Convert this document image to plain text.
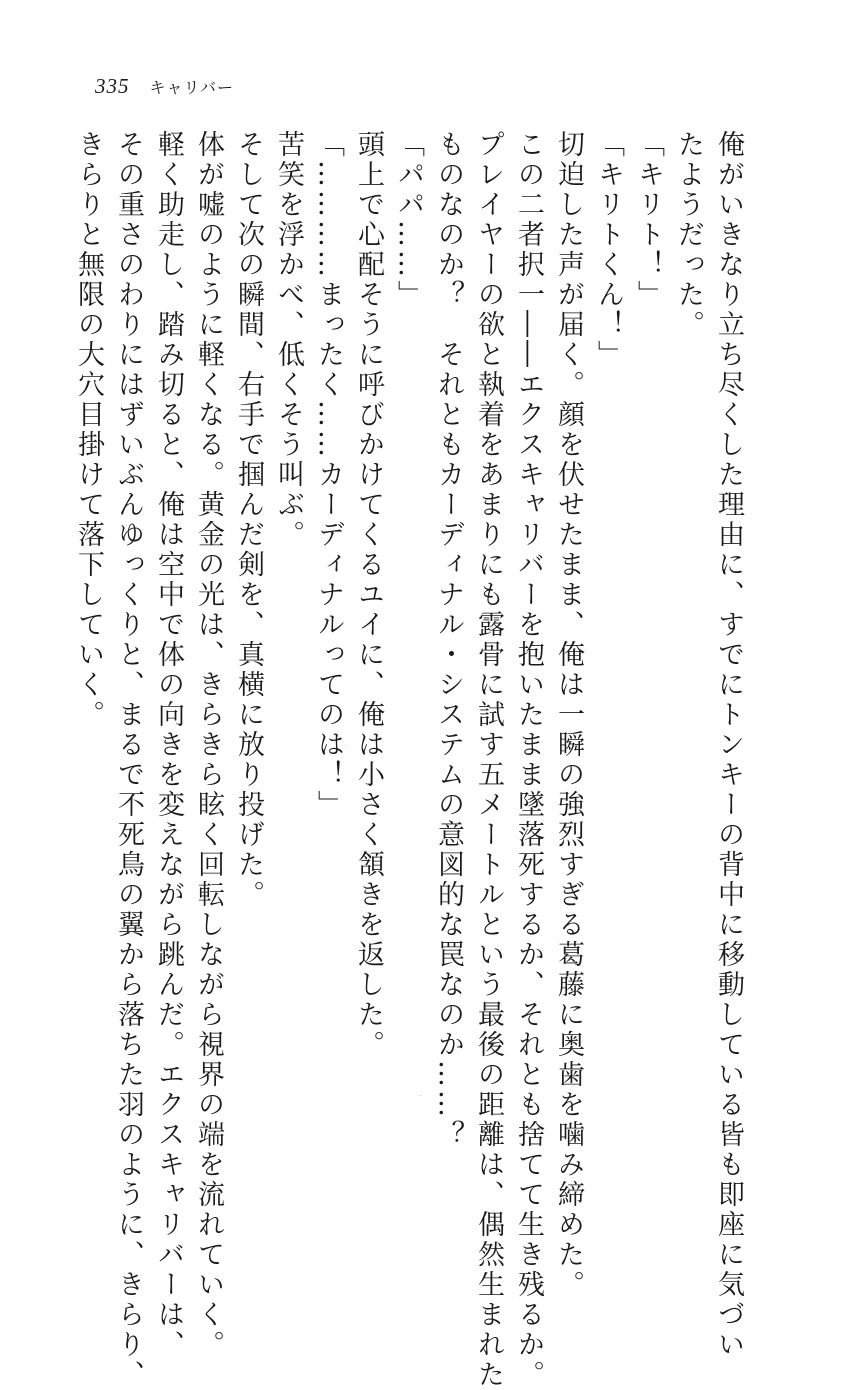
335 キャリバー
俺がいきなり立ち尽くした理由に、すでにトンキーの背中に移動している皆も即座に気づい
たようだった。
「キリト！」
「キリトくん！」
切迫した声が届く。顔を伏せたまま、俺は一瞬の強烈すぎる葛藤に奥歯を噛み締めた。
この二者択一――エクスキャリバーを抱いたまま墜落死するか、それとも捨てて生き残るか。
プレイヤーの欲と執着をあまりにも露骨に試す五メートルという最後の距離は、偶然生まれた
ものなのか？　それともカーディナル・システムの意図的な罠なのか……？
「パパ……」
頭上で心配そうに呼びかけてくるユイに、俺は小さく頷きを返した。
「…………まったく……カーディナルってのは！」
苦笑を浮かべ、低くそう叫ぶ。
そして次の瞬間、右手で掴んだ剣を、真横に放り投げた。
体が嘘のように軽くなる。黄金の光は、きらきら眩く回転しながら視界の端を流れていく。
軽く助走し、踏み切ると、俺は空中で体の向きを変えながら跳んだ。エクスキャリバーは、
その重さのわりにはずいぶんゆっくりと、まるで不死鳥の翼から落ちた羽のように、きらり、
きらりと無限の大穴目掛けて落下していく。
